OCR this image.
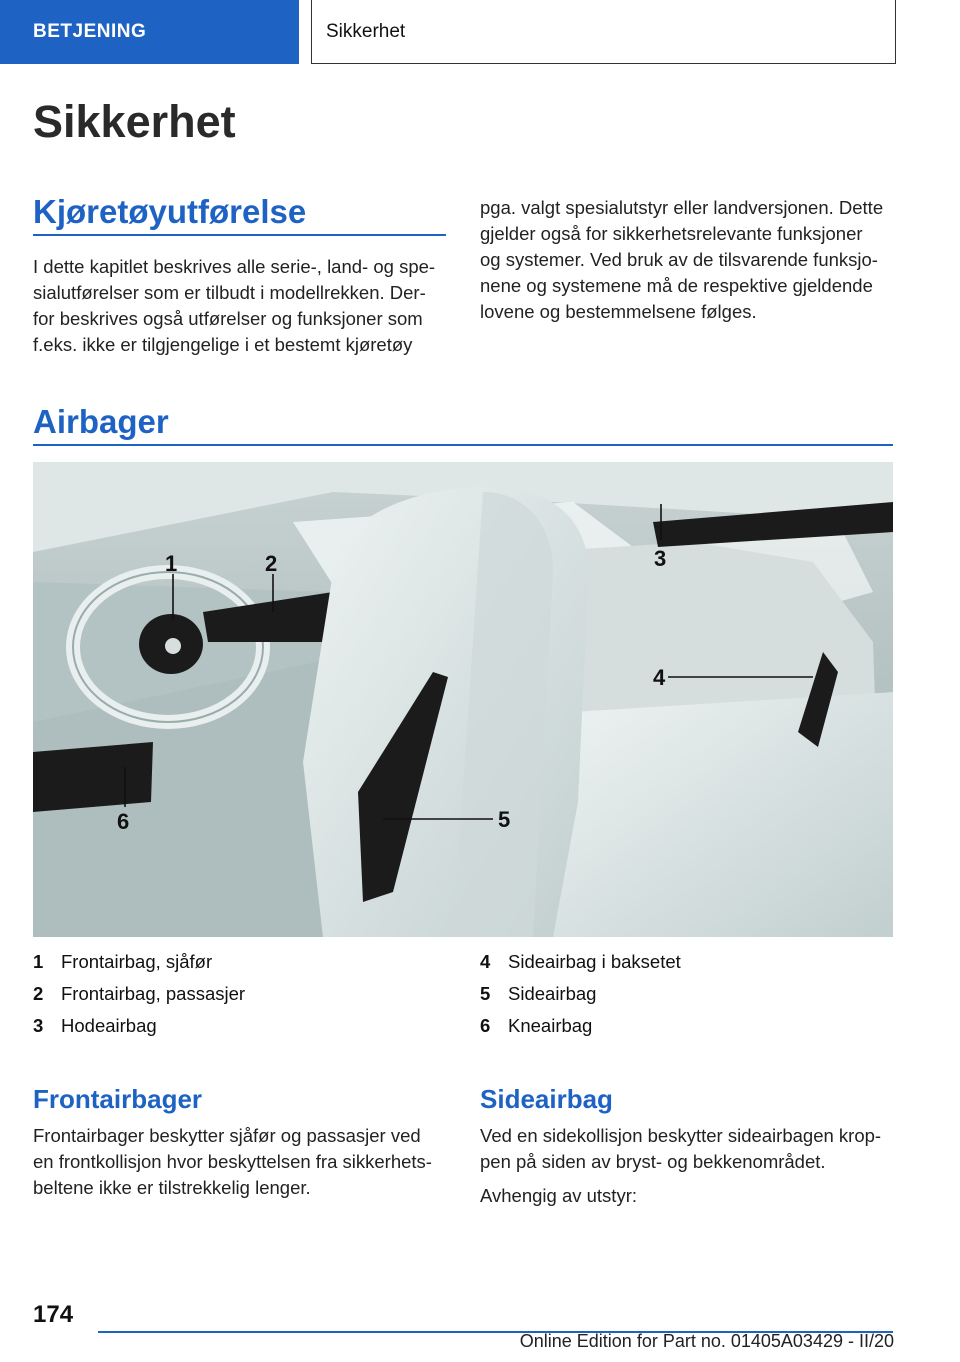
BETJENING	Sikkerhet
Sikkerhet
Kjøretøyutførelse
I dette kapitlet beskrives alle serie-, land- og spe-
sialutførelser som er tilbudt i modellrekken. Der-
for beskrives også utførelser og funksjoner som
f.eks. ikke er tilgjengelige i et bestemt kjøretøy
pga. valgt spesialutstyr eller landversjonen. Dette
gjelder også for sikkerhetsrelevante funksjoner
og systemer. Ved bruk av de tilsvarende funksjo-
nene og systemene må de respektive gjeldende
lovene og bestemmelsene følges.
Airbager
1	2	3
4
5
6
1 Frontairbag, sjåfør
2 Frontairbag, passasjer
3 Hodeairbag
4 Sideairbag i baksetet
5 Sideairbag
6 Kneairbag
Frontairbager
Frontairbager beskytter sjåfør og passasjer ved
en frontkollisjon hvor beskyttelsen fra sikkerhets-
beltene ikke er tilstrekkelig lenger.
Sideairbag
Ved en sidekollisjon beskytter sideairbagen krop-
pen på siden av bryst- og bekkenområdet.
Avhengig av utstyr:
174
Online Edition for Part no. 01405A03429 - II/20
